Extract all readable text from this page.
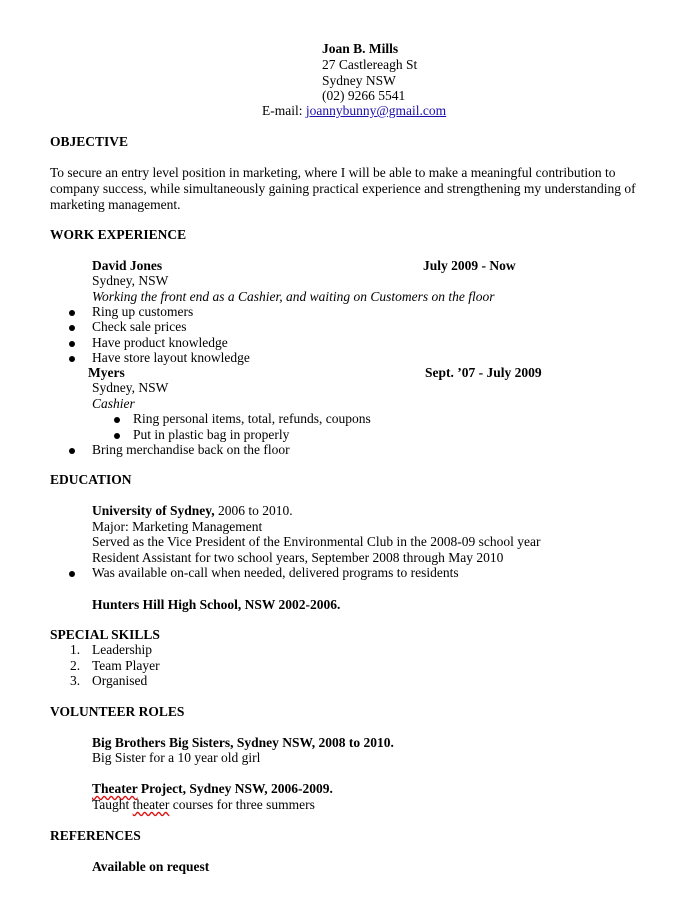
Joan B. Mills
27 Castlereagh St
Sydney NSW
(02) 9266 5541
E-mail: joannybunny@gmail.com
OBJECTIVE
To secure an entry level position in marketing, where I will be able to make a meaningful contribution to company success, while simultaneously gaining practical experience and strengthening my understanding of marketing management.
WORK EXPERIENCE
David Jones	July 2009 - Now
Sydney, NSW
Working the front end as a Cashier, and waiting on Customers on the floor
Ring up customers
Check sale prices
Have product knowledge
Have store layout knowledge
Myers	Sept. ’07 - July 2009
Sydney, NSW
Cashier
Ring personal items, total, refunds, coupons
Put in plastic bag in properly
Bring merchandise back on the floor
EDUCATION
University of Sydney, 2006 to 2010.
Major: Marketing Management
Served as the Vice President of the Environmental Club in the 2008-09 school year
Resident Assistant for two school years, September 2008 through May 2010
Was available on-call when needed, delivered programs to residents
Hunters Hill High School, NSW 2002-2006.
SPECIAL SKILLS
1. Leadership
2. Team Player
3. Organised
VOLUNTEER ROLES
Big Brothers Big Sisters, Sydney NSW, 2008 to 2010.
Big Sister for a 10 year old girl
Theater Project, Sydney NSW, 2006-2009.
Taught theater courses for three summers
REFERENCES
Available on request
